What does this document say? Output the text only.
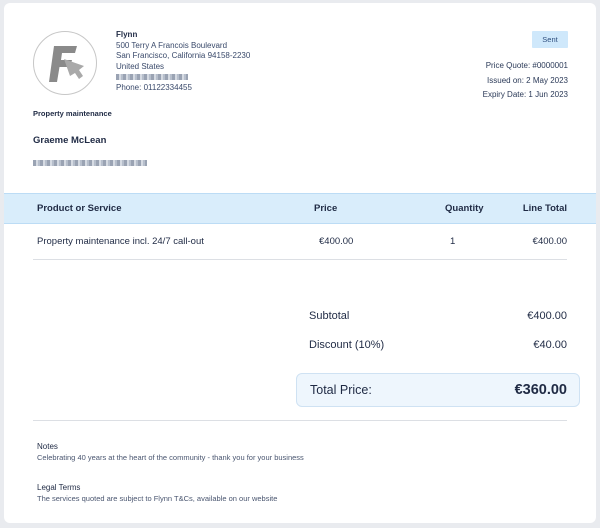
Flynn
500 Terry A Francois Boulevard
San Francisco, California 94158-2230
United States
Phone: 01122334455
Sent
Price Quote: #0000001
Issued on: 2 May 2023
Expiry Date: 1 Jun 2023
Property maintenance
Graeme McLean
Product or Service	Price	Quantity	Line Total
Property maintenance incl. 24/7 call-out	€400.00	1	€400.00
Subtotal	€400.00
Discount (10%)	€40.00
Total Price:	€360.00
Notes
Celebrating 40 years at the heart of the community - thank you for your business
Legal Terms
The services quoted are subject to Flynn T&Cs, available on our website
